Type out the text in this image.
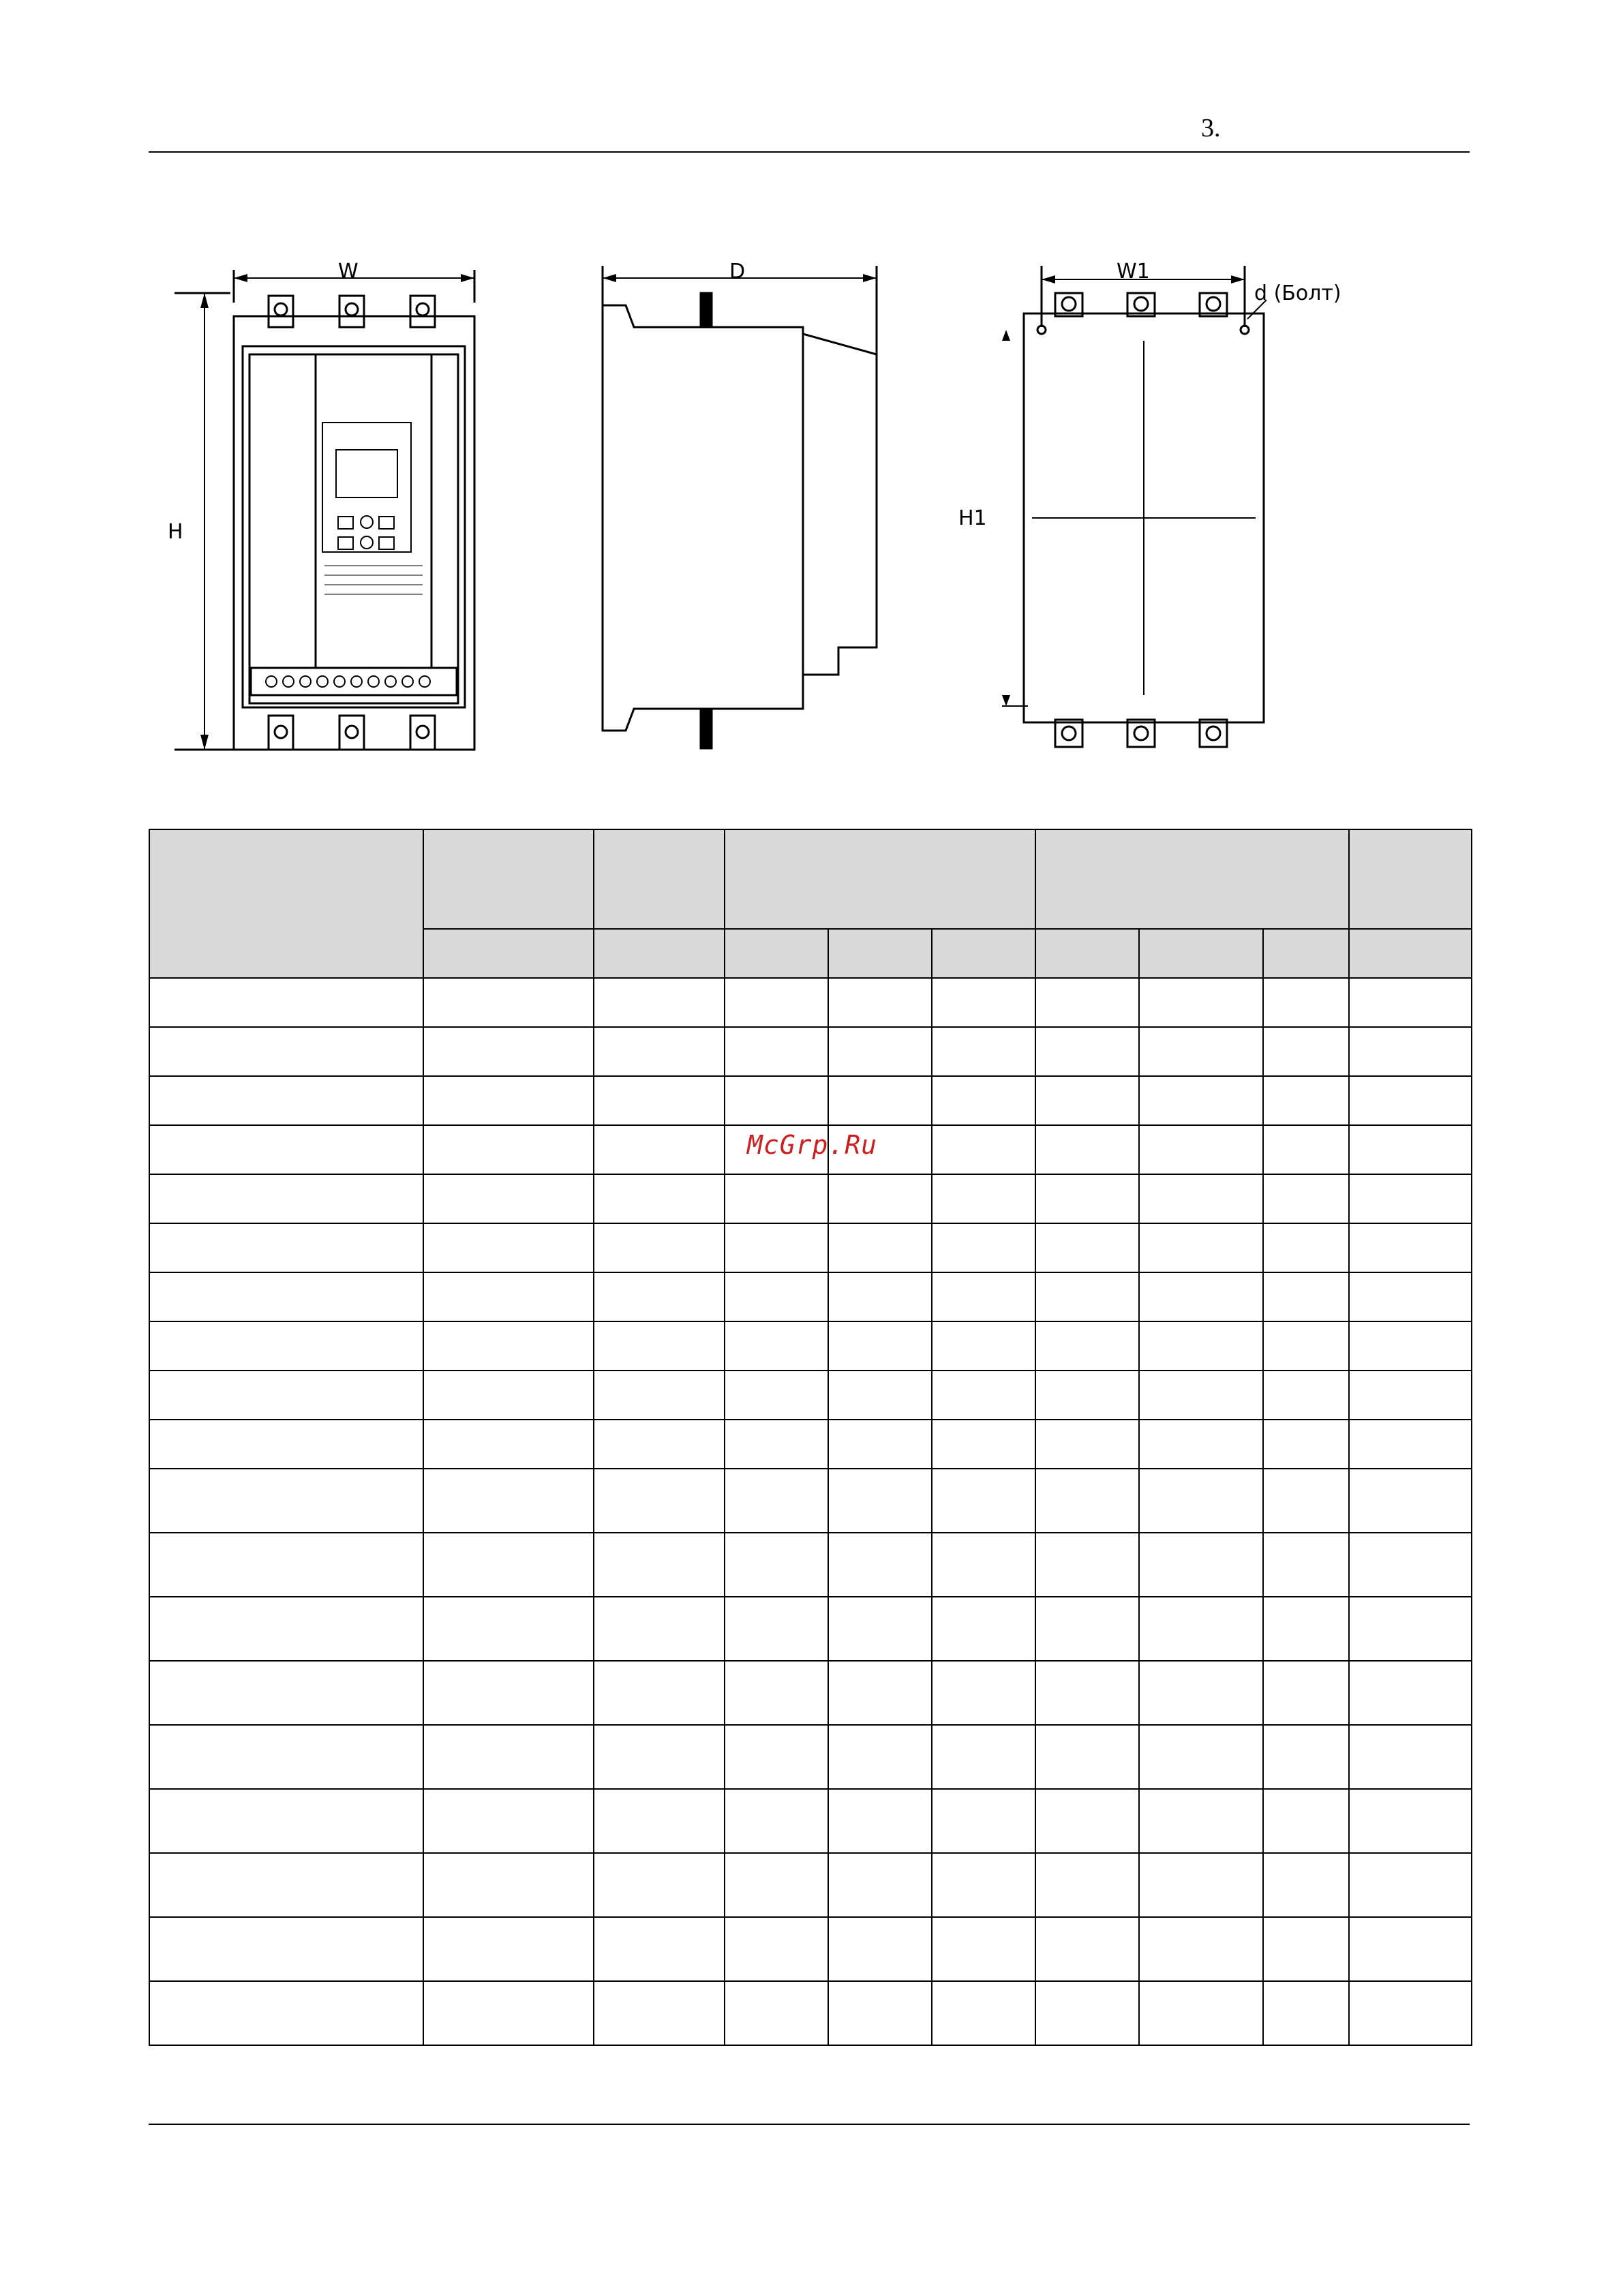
3.
W
H
D	W1
d (Болт)
H1

McGrp.Ru
